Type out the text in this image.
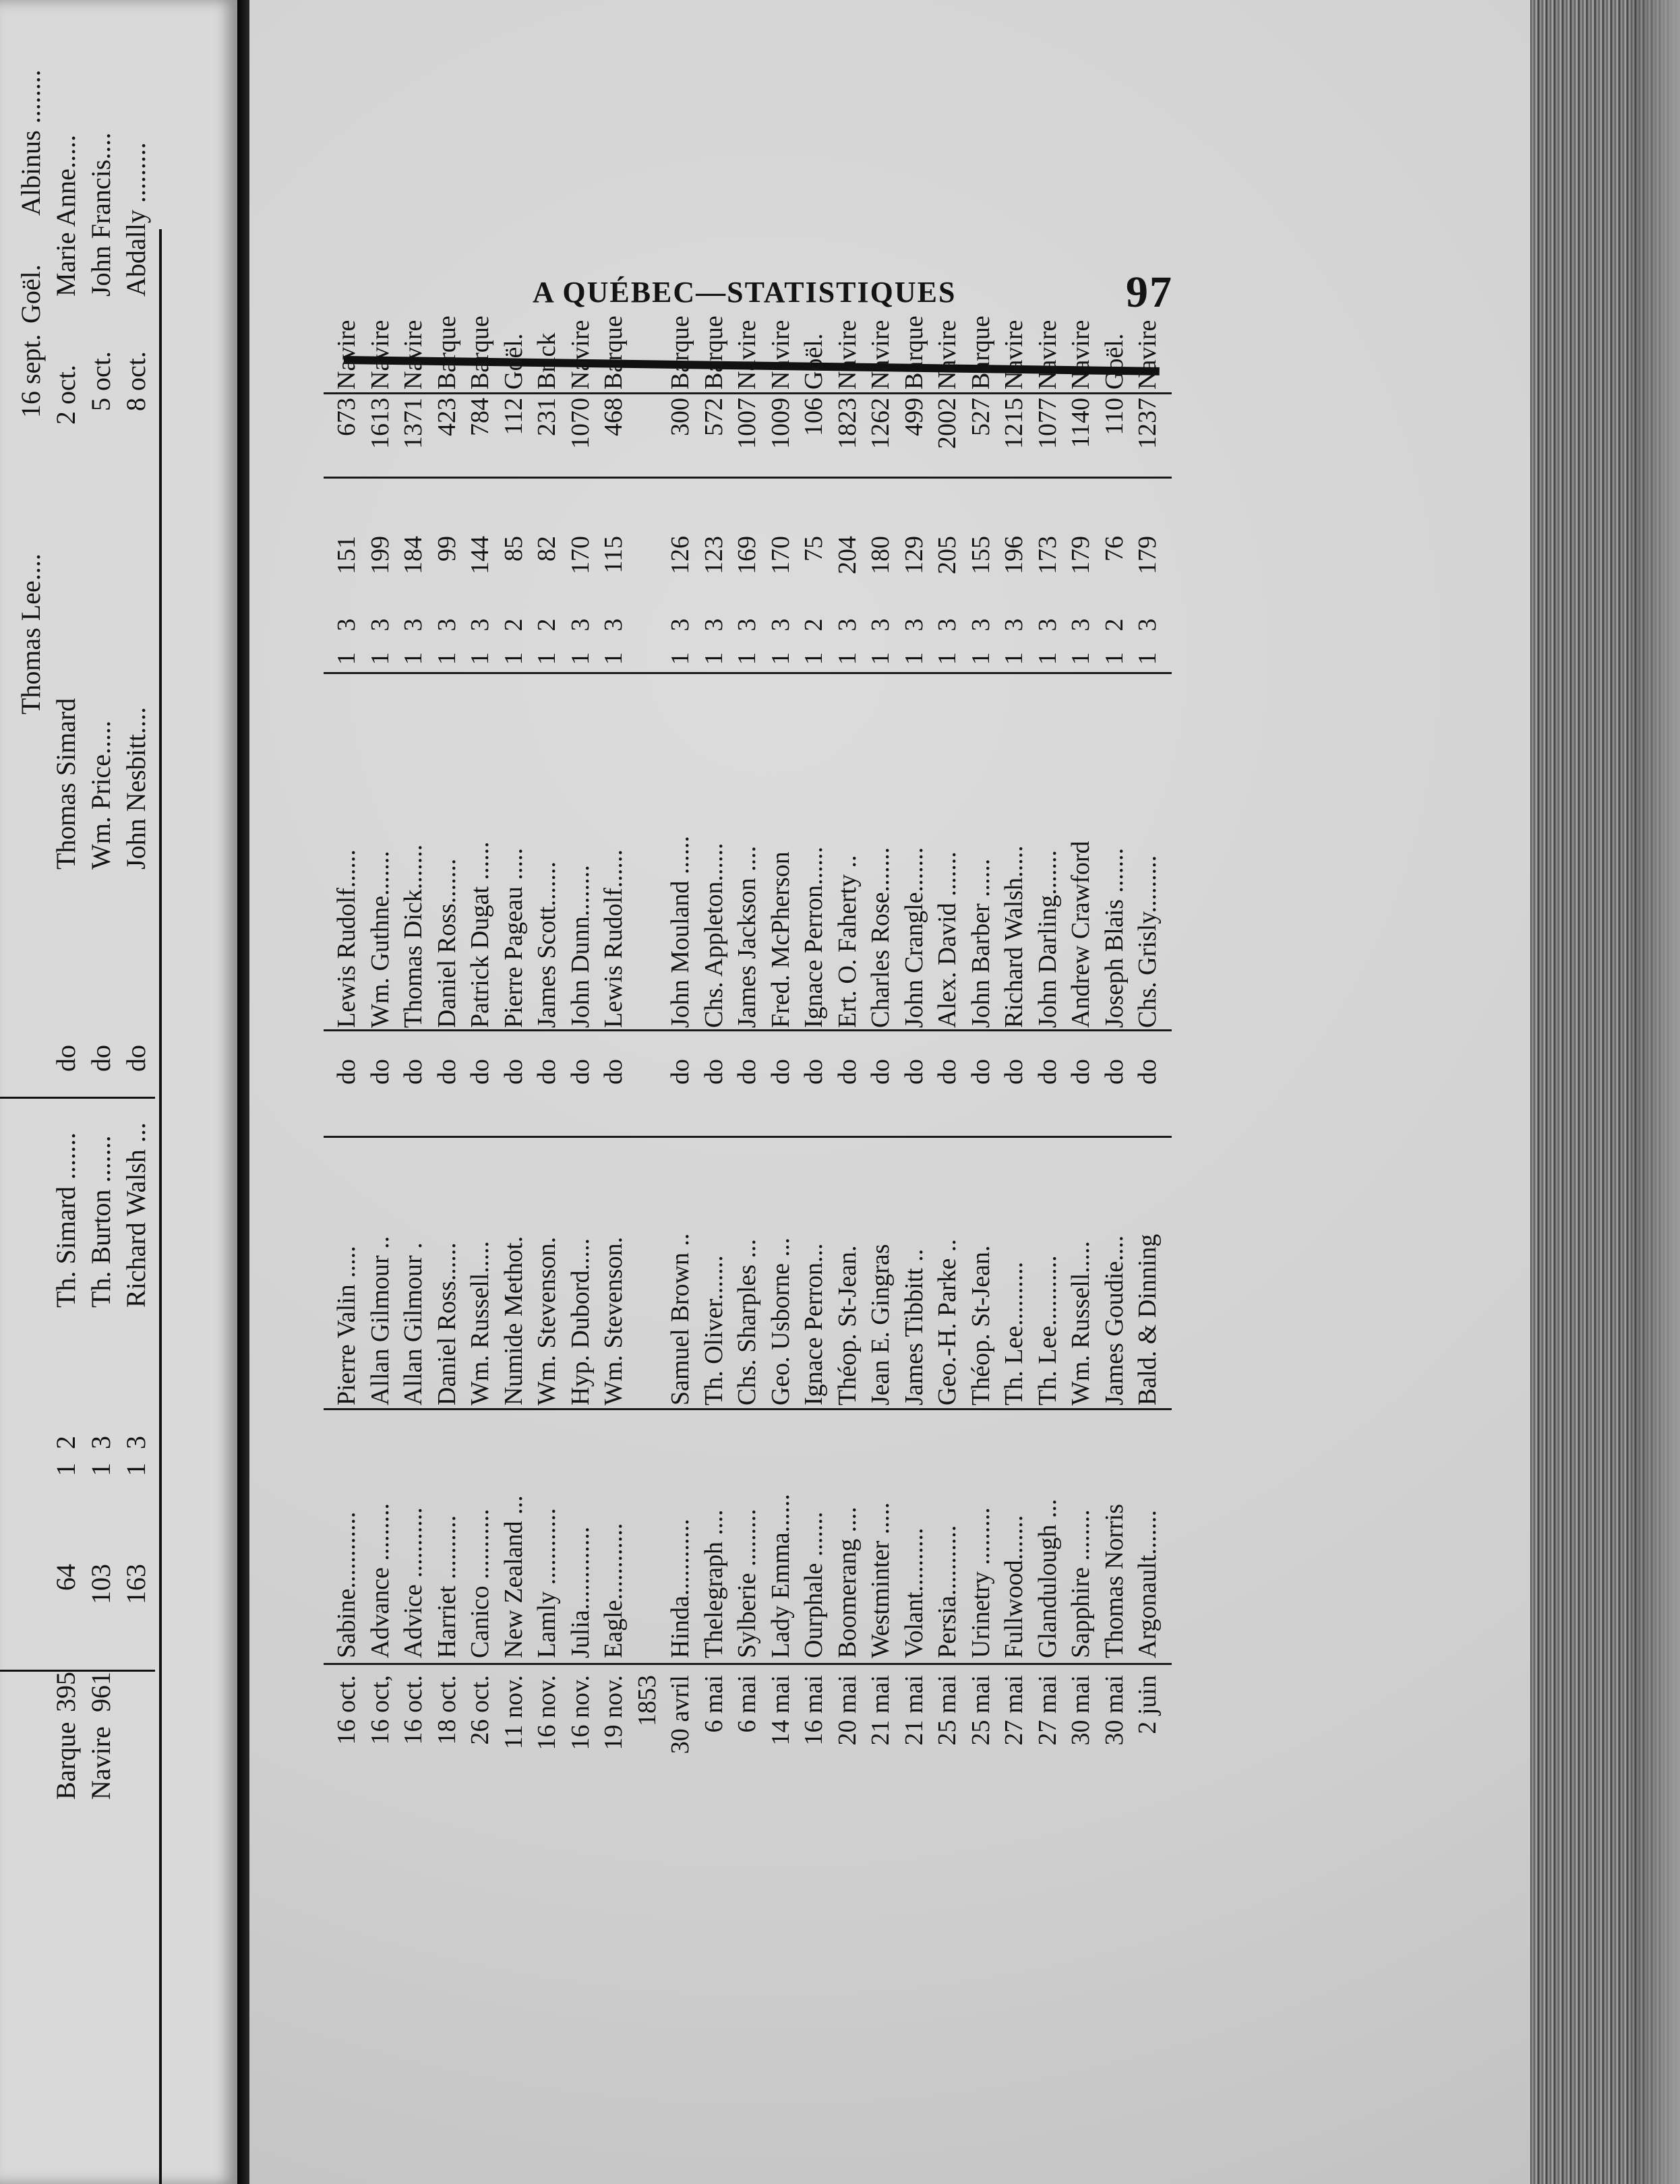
16 sept.
Albinus ........
Thomas Lee....
Goël.
2 oct.
Marie Anne.....
Thomas Simard
do
Th. Simard .......
1
2
64
395
Barque
5 oct.
John Francis....
Wm. Price.....
do
Th. Burton .......
1
3
103
961
Navire
8 oct.
Abdally .........
John Nesbitt....
do
Richard Walsh ...
1
3
163
A QUÉBEC—STATISTIQUES	97
16 oct.
Sabine............
Pierre Valin .....
do
Lewis Rudolf......
1
3
151
673
Navire
16 oct,
Advance .........
Allan Gilmour ..
do
Wm. Guthne.......
1
3
199
1613
Navire
16 oct.
Advice ...........
Allan Gilmour .
do
Thomas Dick.......
1
3
184
1371
Navire
18 oct.
Harriet ..........
Daniel Ross......
do
Daniel Ross.......
1
3
99
423
Barque
26 oct.
Canico ...........
Wm. Russell.....
do
Patrick Dugat ......
1
3
144
784
Barque
11 nov.
New Zealand ...
Numide Methot.
do
Pierre Pageau .....
1
2
85
112
Goël.
16 nov.
Lamly ............
Wm. Stevenson.
do
James Scott.......
1
2
82
231
Brick
16 nov.
Julia.............
Hyp. Dubord.....
do
John Dunn........
1
3
170
1070
Navire
19 nov.
Eagle............
Wm. Stevenson.
do
Lewis Rudolf......
1
3
115
468
Barque
1853 30 avril
Hinda............
Samuel Brown ..
do
John Mouland ......
1
3
126
300
Barque
6 mai
Thelegraph ....
Th. Oliver.......
do
Chs. Appleton......
1
3
123
572
Barque
6 mai
Sylberie .........
Chs. Sharples ...
do
James Jackson ....
1
3
169
1007
Navire
14 mai
Lady Emma......
Geo. Usborne ...
do
Fred. McPherson
1
3
170
1009
Navire
16 mai
Ourphale .......
Ignace Perron...
do
Ignace Perron......
1
2
75
106
Goël.
20 mai
Boomerang ....
Théop. St-Jean.
do
Ert. O. Faherty ..
1
3
204
1823
Navire
21 mai
Westminter .....
Jean E. Gingras
do
Charles Rose.......
1
3
180
1262
Navire
21 mai
Volant..........
James Tibbitt ..
do
John Crangle.......
1
3
129
499
Barque
25 mai
Persia...........
Geo.-H. Parke ..
do
Alex. David .......
1
3
205
2002
Navire
25 mai
Urinetry .........
Théop. St-Jean.
do
John Barber ......
1
3
155
527
Barque
27 mai
Fullwood.......
Th. Lee..........
do
Richard Walsh.....
1
3
196
1215
Navire
27 mai
Glandulough ...
Th. Lee...........
do
John Darling.......
1
3
173
1077
Navire
30 mai
Sapphire ........
Wm. Russell.....
do
Andrew Crawford
1
3
179
1140
Navire
30 mai
Thomas Norris
James Goudie....
do
Joseph Blais .......
1
2
76
110
Goël.
2 juin
Argonault.......
Bald. & Dinning
do
Chs. Grisly.........
1
3
179
1237
Navire
